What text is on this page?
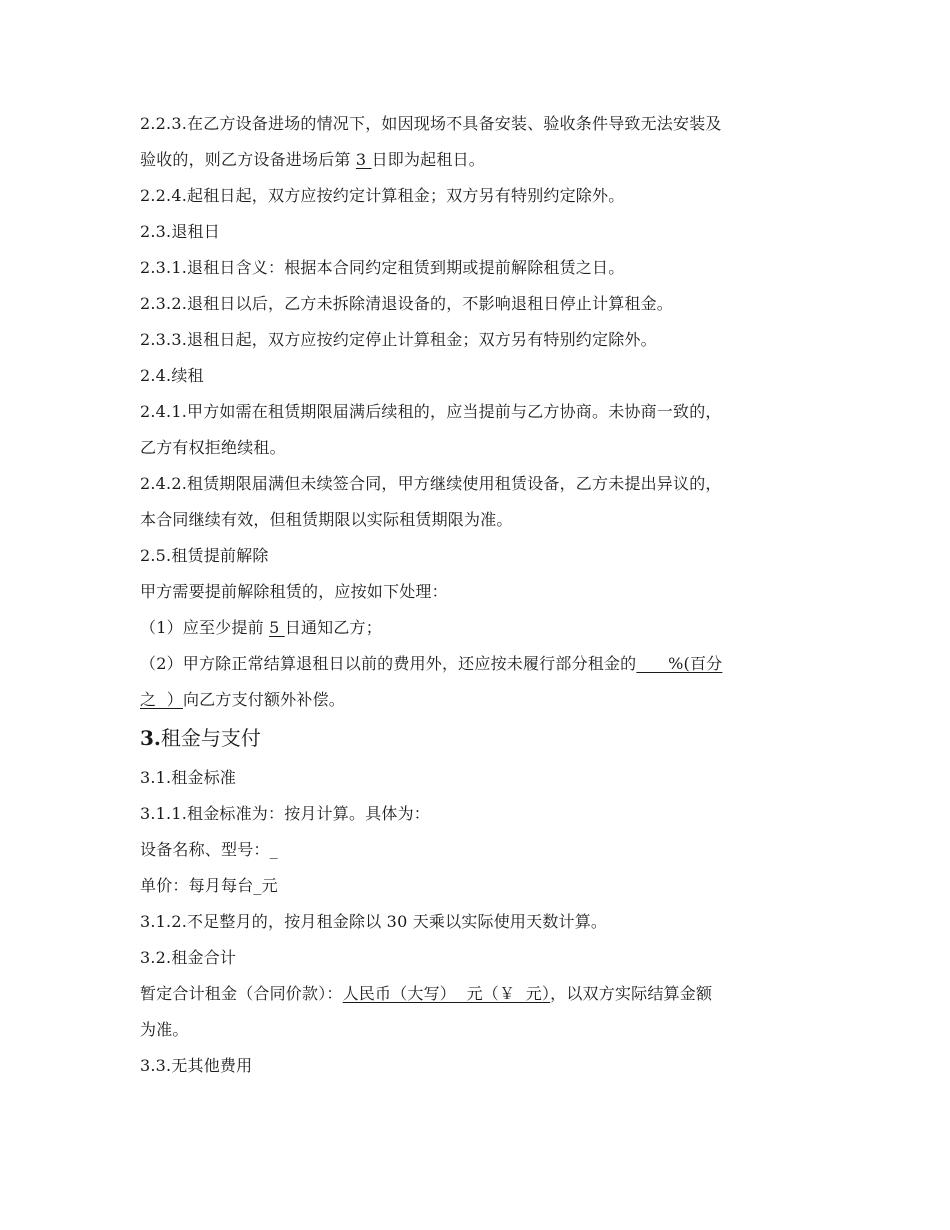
2.2.3.在乙方设备进场的情况下，如因现场不具备安装、验收条件导致无法安装及
验收的，则乙方设备进场后第 3 日即为起租日。
2.2.4.起租日起，双方应按约定计算租金；双方另有特别约定除外。
2.3.退租日
2.3.1.退租日含义：根据本合同约定租赁到期或提前解除租赁之日。
2.3.2.退租日以后，乙方未拆除清退设备的，不影响退租日停止计算租金。
2.3.3.退租日起，双方应按约定停止计算租金；双方另有特别约定除外。
2.4.续租
2.4.1.甲方如需在租赁期限届满后续租的，应当提前与乙方协商。未协商一致的，
乙方有权拒绝续租。
2.4.2.租赁期限届满但未续签合同，甲方继续使用租赁设备，乙方未提出异议的，
本合同继续有效，但租赁期限以实际租赁期限为准。
2.5.租赁提前解除
甲方需要提前解除租赁的，应按如下处理：
（1）应至少提前 5 日通知乙方；
（2）甲方除正常结算退租日以前的费用外，还应按未履行部分租金的      %(百分
之  ）向乙方支付额外补偿。
3.租金与支付
3.1.租金标准
3.1.1.租金标准为：按月计算。具体为：
设备名称、型号：_
单价：每月每台_元
3.1.2.不足整月的，按月租金除以 30 天乘以实际使用天数计算。
3.2.租金合计
暂定合计租金（合同价款）：人民币（大写）  元（￥  元），以双方实际结算金额
为准。
3.3.无其他费用
